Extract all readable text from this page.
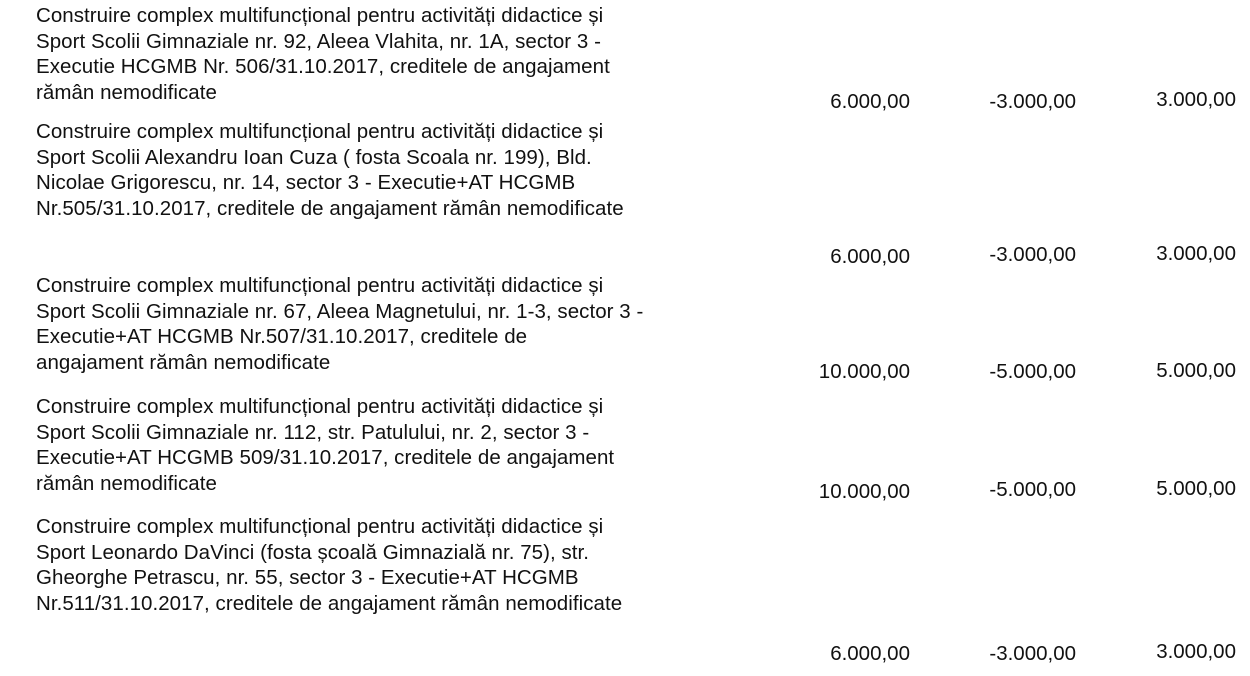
Construire complex multifuncțional pentru activități didactice și
Sport Scolii Gimnaziale nr. 92, Aleea Vlahita, nr. 1A, sector 3 -
Executie HCGMB Nr. 506/31.10.2017, creditele de angajament
rămân nemodificate	6.000,00	-3.000,00	3.000,00
Construire complex multifuncțional pentru activități didactice și
Sport Scolii Alexandru Ioan Cuza ( fosta Scoala nr. 199), Bld.
Nicolae Grigorescu, nr. 14, sector 3 - Executie+AT HCGMB
Nr.505/31.10.2017, creditele de angajament rămân nemodificate
6.000,00	-3.000,00	3.000,00
Construire complex multifuncțional pentru activități didactice și
Sport Scolii Gimnaziale nr. 67, Aleea Magnetului, nr. 1-3, sector 3 -
Executie+AT HCGMB Nr.507/31.10.2017, creditele de
angajament rămân nemodificate	10.000,00	-5.000,00	5.000,00
Construire complex multifuncțional pentru activități didactice și
Sport Scolii Gimnaziale nr. 112, str. Patulului, nr. 2, sector 3 -
Executie+AT HCGMB 509/31.10.2017, creditele de angajament
rămân nemodificate	10.000,00	-5.000,00	5.000,00
Construire complex multifuncțional pentru activități didactice și
Sport Leonardo DaVinci (fosta școală Gimnazială nr. 75), str.
Gheorghe Petrascu, nr. 55, sector 3 - Executie+AT HCGMB
Nr.511/31.10.2017, creditele de angajament rămân nemodificate
6.000,00	-3.000,00	3.000,00
